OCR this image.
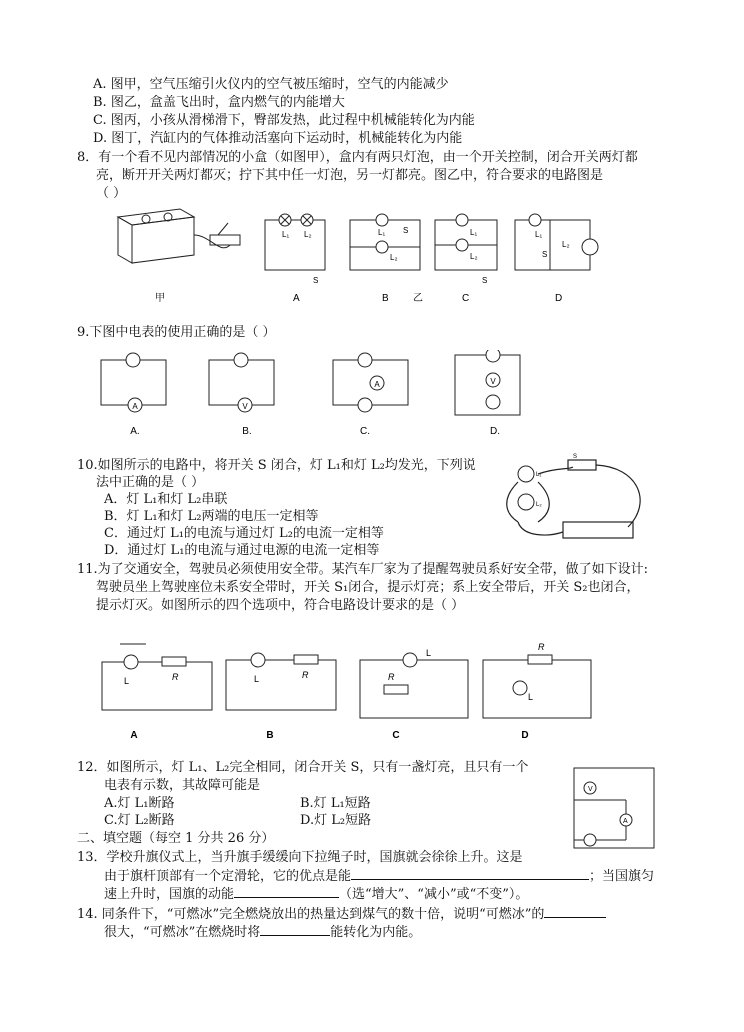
A. 图甲，空气压缩引火仪内的空气被压缩时，空气的内能减少
B. 图乙，盒盖飞出时，盒内燃气的内能增大
C. 图丙，小孩从滑梯滑下，臀部发热，此过程中机械能转化为内能
D. 图丁，汽缸内的气体推动活塞向下运动时，机械能转化为内能
8．有一个看不见内部情况的小盒（如图甲），盒内有两只灯泡，由一个开关控制，闭合开关两灯都
亮，断开开关两灯都灭；拧下其中任一灯泡，另一灯都亮。图乙中，符合要求的电路图是
（ ）
甲
L₁ L₂
S
A
L₁
L₂
S
B 乙
L₁
L₂
S
C
L₁
L₂
S
D
9.下图中电表的使用正确的是（ ）
A	V
A	V
A.	B.	C.	D.
10.如图所示的电路中，将开关 S 闭合，灯 L₁和灯 L₂均发光，下列说
法中正确的是（ ）
A．灯 L₁和灯 L₂串联
B．灯 L₁和灯 L₂两端的电压一定相等
C．通过灯 L₁的电流与通过灯 L₂的电流一定相等
D．通过灯 L₁的电流与通过电源的电流一定相等
L₁
L₂
S
11.为了交通安全，驾驶员必须使用安全带。某汽车厂家为了提醒驾驶员系好安全带，做了如下设计:
驾驶员坐上驾驶座位未系安全带时，开关 S₁闭合，提示灯亮；系上安全带后，开关 S₂也闭合，
提示灯灭。如图所示的四个选项中，符合电路设计要求的是（ ）
L	R	L	R
L
R
L
R
A	B	C	D
12．如图所示，灯 L₁、L₂完全相同，闭合开关 S，只有一盏灯亮，且只有一个
电表有示数，其故障可能是
A.灯 L₁断路	B.灯 L₁短路
C.灯 L₂断路	D.灯 L₂短路
V
A
二、填空题（每空 1 分共 26 分）
13．学校升旗仪式上，当升旗手缓缓向下拉绳子时，国旗就会徐徐上升。这是
由于旗杆顶部有一个定滑轮，它的优点是能	；当国旗匀
速上升时，国旗的动能	（选“增大”、“减小”或“不变”）。
14. 同条件下，“可燃冰”完全燃烧放出的热量达到煤气的数十倍，说明“可燃冰”的
很大，“可燃冰”在燃烧时将	能转化为内能。
